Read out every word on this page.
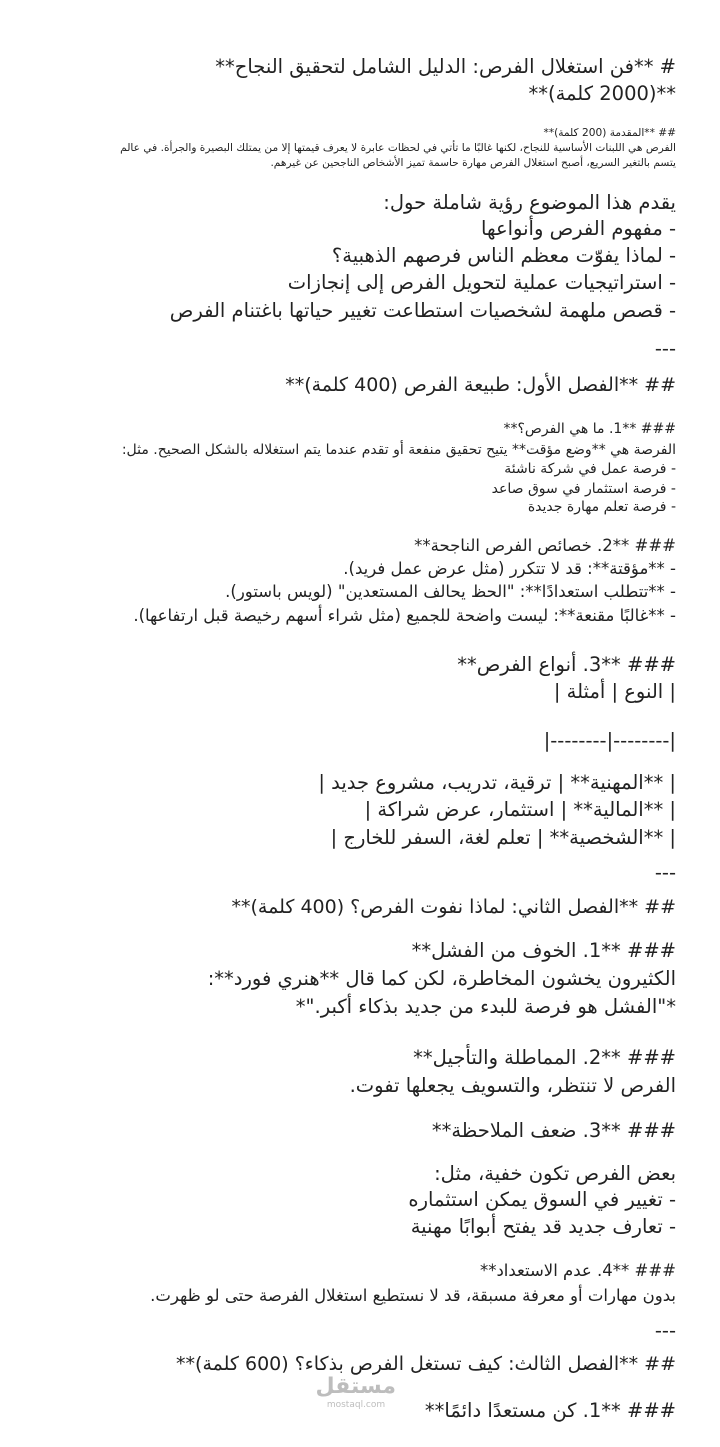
# **فن استغلال الفرص: الدليل الشامل لتحقيق النجاح**
**(2000 كلمة)**
## **المقدمة (200 كلمة)**
الفرص هي اللبنات الأساسية للنجاح، لكنها غالبًا ما تأتي في لحظات عابرة لا يعرف قيمتها إلا من يمتلك البصيرة والجرأة. في عالم
يتسم بالتغير السريع، أصبح استغلال الفرص مهارة حاسمة تميز الأشخاص الناجحين عن غيرهم.
يقدم هذا الموضوع رؤية شاملة حول:
- مفهوم الفرص وأنواعها
- لماذا يفوّت معظم الناس فرصهم الذهبية؟
- استراتيجيات عملية لتحويل الفرص إلى إنجازات
- قصص ملهمة لشخصيات استطاعت تغيير حياتها باغتنام الفرص
---
## **الفصل الأول: طبيعة الفرص (400 كلمة)**
### **1. ما هي الفرص؟**
الفرصة هي **وضع مؤقت** يتيح تحقيق منفعة أو تقدم عندما يتم استغلاله بالشكل الصحيح. مثل:
- فرصة عمل في شركة ناشئة
- فرصة استثمار في سوق صاعد
- فرصة تعلم مهارة جديدة
### **2. خصائص الفرص الناجحة**
- **مؤقتة**: قد لا تتكرر (مثل عرض عمل فريد).
- **تتطلب استعدادًا**: "الحظ يحالف المستعدين" (لويس باستور).
- **غالبًا مقنعة**: ليست واضحة للجميع (مثل شراء أسهم رخيصة قبل ارتفاعها).
### **3. أنواع الفرص**
| النوع | أمثلة |
|--------|--------|
| **المهنية** | ترقية، تدريب، مشروع جديد |
| **المالية** | استثمار، عرض شراكة |
| **الشخصية** | تعلم لغة، السفر للخارج |
---
## **الفصل الثاني: لماذا نفوت الفرص؟ (400 كلمة)**
### **1. الخوف من الفشل**
الكثيرون يخشون المخاطرة، لكن كما قال **هنري فورد**:
*"الفشل هو فرصة للبدء من جديد بذكاء أكبر."*
### **2. المماطلة والتأجيل**
الفرص لا تنتظر، والتسويف يجعلها تفوت.
### **3. ضعف الملاحظة**
بعض الفرص تكون خفية، مثل:
- تغيير في السوق يمكن استثماره
- تعارف جديد قد يفتح أبوابًا مهنية
### **4. عدم الاستعداد**
بدون مهارات أو معرفة مسبقة، قد لا نستطيع استغلال الفرصة حتى لو ظهرت.
---
## **الفصل الثالث: كيف تستغل الفرص بذكاء؟ (600 كلمة)**
### **1. كن مستعدًا دائمًا**
مستقل
mostaql.com
